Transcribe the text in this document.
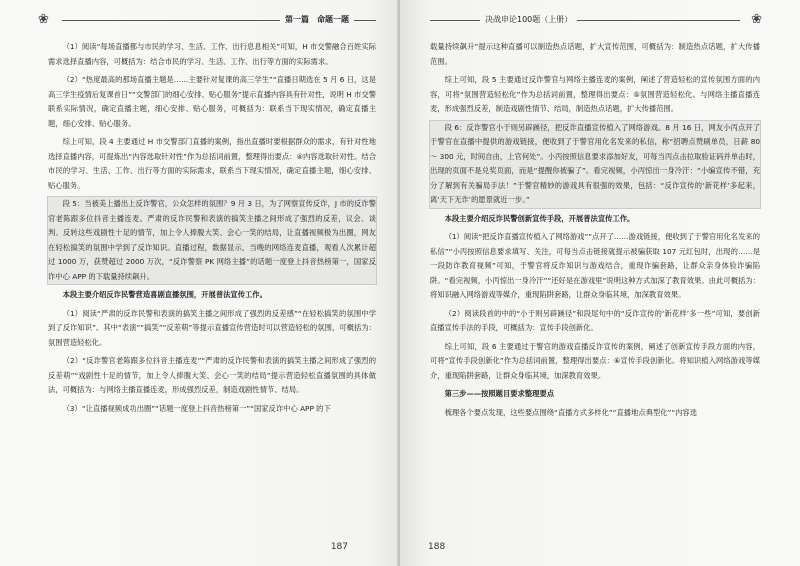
❀	第一篇　命题一题

（1）阅读“每场直播都与市民的学习、生活、工作、出行息息相关”可知，H 市交警融合百姓实际需求选择直播内容，可概括为：结合市民的学习、生活、工作、出行等方面的实际需求。

（2）“热度最高的那场直播主题是……主要针对复课的高三学生”“直播日期选在 5 月 6 日，这是高三学生疫情后复课首日”“交警部门的细心安排、贴心服务”提示直播内容具有针对性，说明 H 市交警联系实际情况，确定直播主题，细心安排、贴心服务，可概括为：联系当下现实情况，确定直播主题，细心安排、贴心服务。

综上可知，段 4 主要通过 H 市交警部门直播的案例，指出直播时要根据群众的需求，有针对性地选择直播内容，可提炼出“内容选取针对性”作为总括词前置，整理得出要点：④内容选取针对性。结合市民的学习、生活、工作、出行等方面的实际需求，联系当下现实情况，确定直播主题，细心安排、贴心服务。

段 5：当被美上播出上反诈警官，公众怎样的氛围？9 月 3 日，为了网察宣传反诈，J 市的反诈警官老陈跟多位抖音主播连麦。严肃的反诈民警和表演的搞笑主播之间形成了强烈的反差，议会、谈判、反转这些戏剧性十足的情节，加上令人捧腹大笑、会心一笑的结局，让直播视频极为出圈，网友在轻松搞笑的氛围中学到了反诈知识。直播过程，数据显示，当晚的网络连麦直播，观看人次累计超过 1000 万，获赞超过 2000 万次，“反诈警察 PK 网络主播”的话题一度登上抖音热榜第一，国家反诈中心 APP 的下载量持续飙升。

本段主要介绍反诈民警营造喜剧直播氛围，开展普法宣传工作。

（1）阅读“严肃的反诈民警和表演的搞笑主播之间形成了强烈的反差感”“在轻松搞笑的氛围中学到了反诈知识”。其中“表演”“搞笑”“反差萌”等提示直播宣传营造时可以营造轻松的氛围，可概括为：氛围营造轻松化。

（2）“反诈警官老陈跟多位抖音主播连麦”“严肃的反诈民警和表演的搞笑主播之间形成了强烈的反差萌”“戏剧性十足的情节，加上令人捧腹大笑、会心一笑的结局”提示营造轻松直播氛围的具体做法，可概括为：与网络主播直播连麦，形成强烈反差，制造戏剧性情节、结局。

（3）“让直播视频成功出圈”“话题一度登上抖音热榜第一”“国家反诈中心 APP 的下

187
决战申论100题（上册）	❀

载量持续飙升”提示这种直播可以制造热点话题，扩大宣传范围，可概括为：制造热点话题，扩大传播范围。

综上可知，段 5 主要通过反诈警官与网络主播连麦的案例，阐述了营造轻松的宣传氛围方面的内容，可将“氛围营造轻松化”作为总括词前置，整理得出要点：⑤氛围营造轻松化。与网络主播直播连麦，形成强烈反差，制造戏剧性情节、结局，制造热点话题，扩大传播范围。

段 6：反诈警官小于则另辟蹊径，把反诈直播宣传植入了网络游戏。8 月 16 日，网友小丙点开了于警官在直播中提供的游戏链接，便收到了于警官用化名发来的私信，称“招聘点赞刷单员，日薪 80 ～ 300 元，时间自由，上官何处”。小丙按照信息要求添加好友，可每当丙点击拉取验证码并单击时，出现的页面不是兑奖页面，而是“提醒你被骗了”。看完视频，小丙惊出一身冷汗：“小编宣传不错，充分了解到有关骗局手法！”于警官精妙的游戏具有很强的效果，包括：“反诈宣传的‘新花样’多起来，离‘天下无诈’的愿景就近一步。”

本段主要介绍反诈民警创新宣传手段，开展普法宣传工作。

（1）阅读“把反诈直播宣传植入了网络游戏”“点开了……游戏链接，便收到了于警官用化名发来的私信”“小丙按照信息要求填写、关注，可每当点击链接就提示被骗获取 107 元红包时，出现的……是一段防诈教育视频”可知，于警官将反诈知识与游戏结合，重现诈骗套路，让群众亲身体验诈骗陷阱。“看完视频，小丙惊出一身冷汗”“还好是在游戏里”说明这种方式加深了教育效果。由此可概括为：将知识融入网络游戏等媒介，重现陷阱套路，让群众身临其境，加深教育效果。

（2）阅读段首的中的“小于则另辟蹊径”和段尾句中的“反诈宣传的‘新花样’多一些”可知，要创新直播宣传手法的手段，可概括为：宣传手段创新化。

综上可知，段 6 主要通过于警官的游戏直播反诈宣传的案例，阐述了创新宣传手段方面的内容，可将“宣传手段创新化”作为总括词前置，整理得出要点：⑥宣传手段创新化。将知识植入网络游戏等媒介，重现陷阱套路，让群众身临其境，加深教育效果。

第三步——按照题目要求整理要点

梳理各个要点发现，这些要点围绕“直播方式多样化”“直播地点典型化”“内容选

188
